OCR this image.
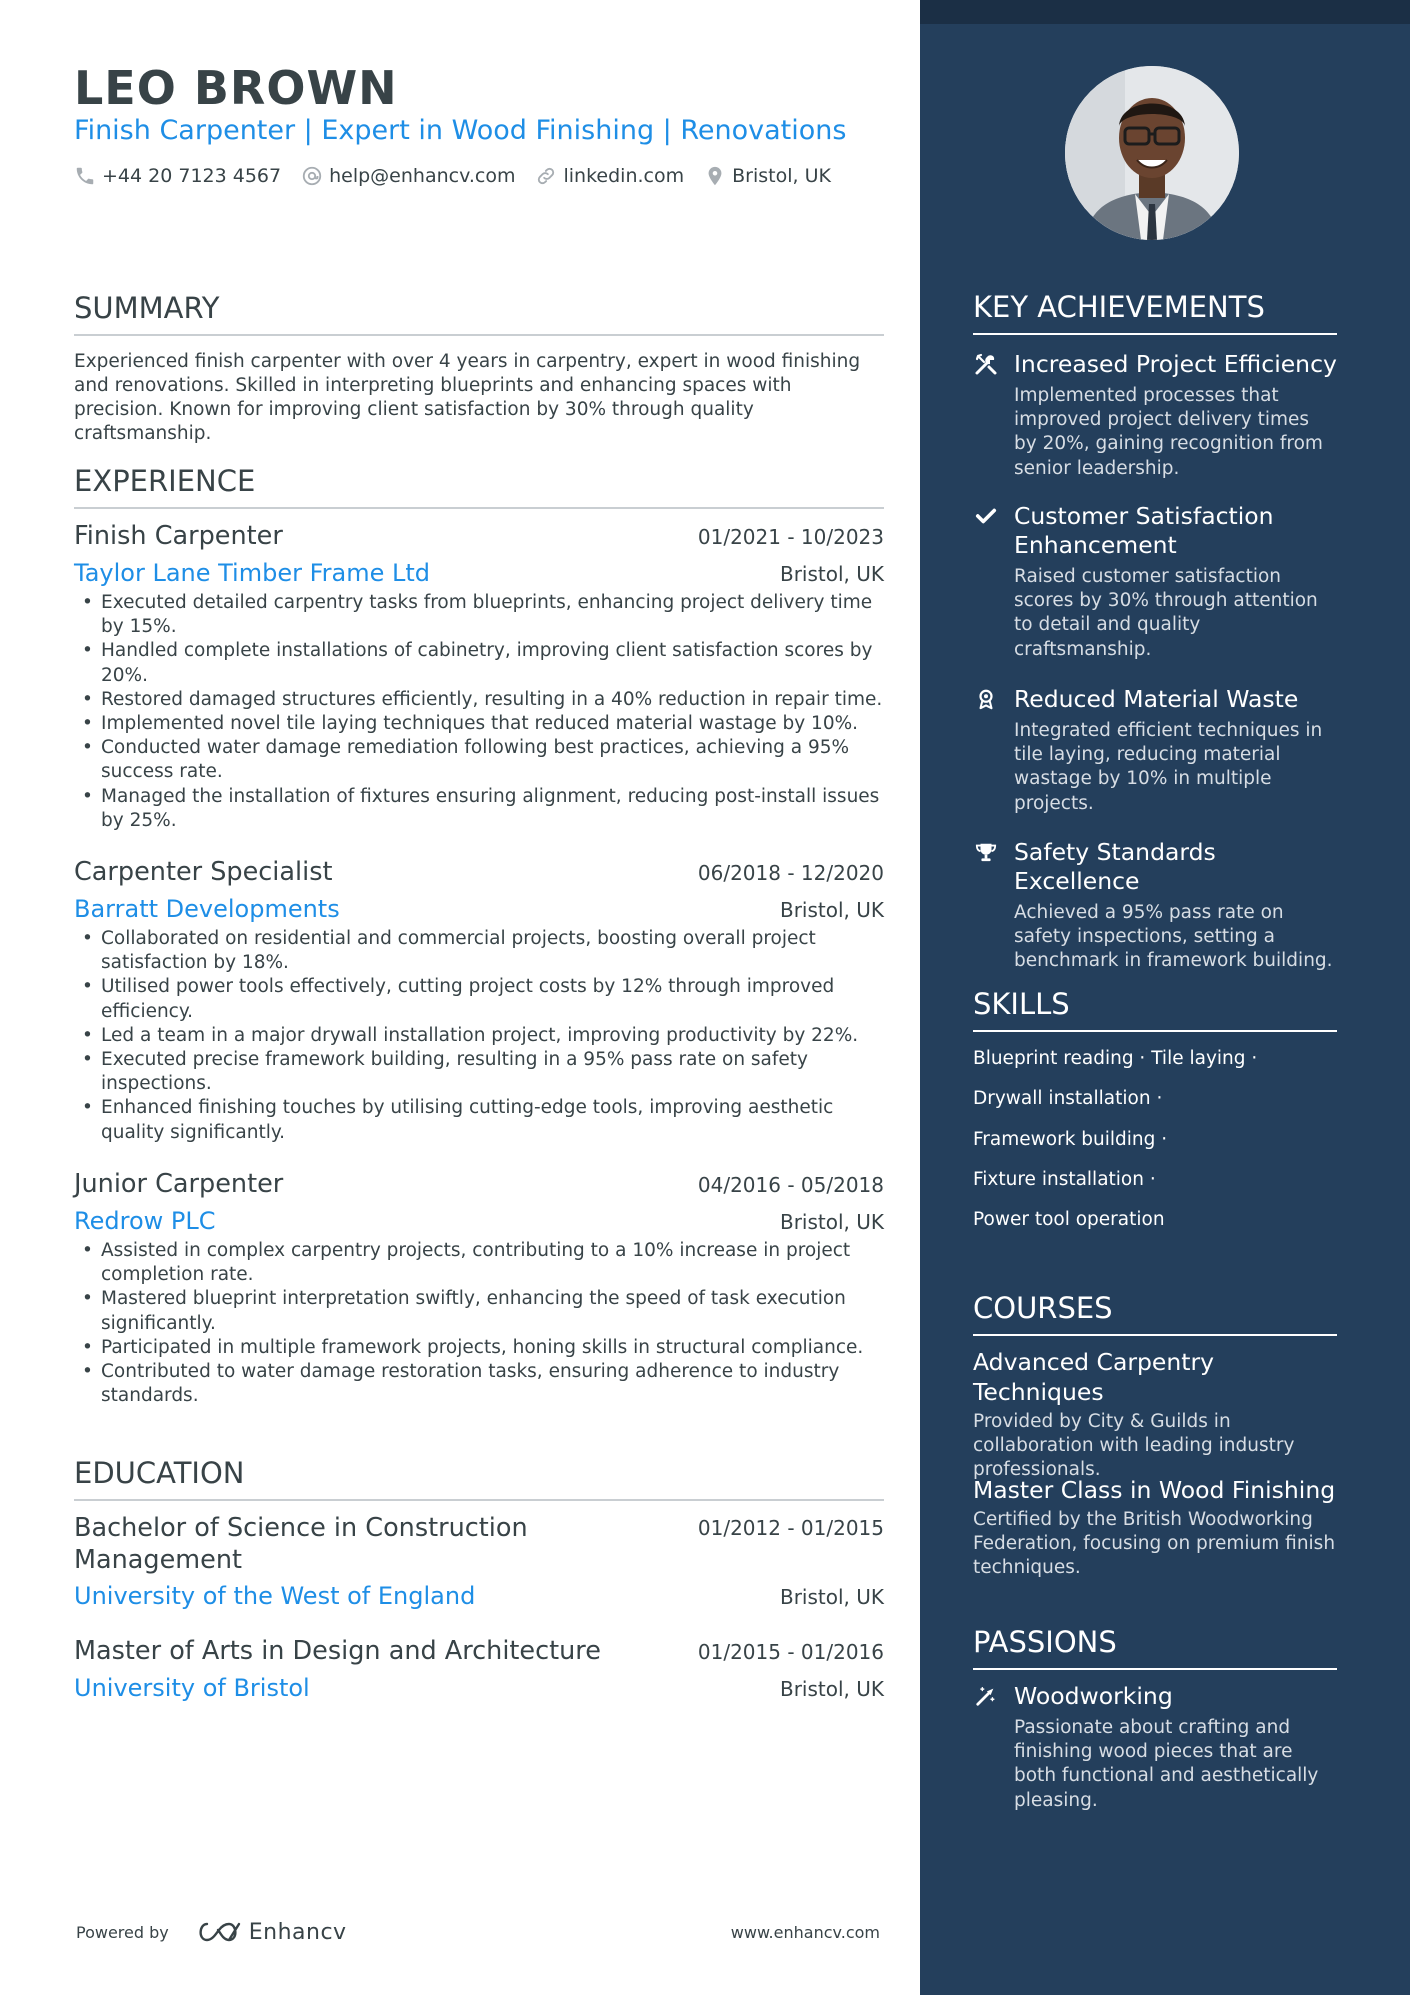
LEO BROWN
Finish Carpenter | Expert in Wood Finishing | Renovations
+44 20 7123 4567	help@enhancv.com	linkedin.com	Bristol, UK
SUMMARY
Experienced finish carpenter with over 4 years in carpentry, expert in wood finishing and renovations. Skilled in interpreting blueprints and enhancing spaces with precision. Known for improving client satisfaction by 30% through quality craftsmanship.
EXPERIENCE
Finish Carpenter	01/2021 - 10/2023
Taylor Lane Timber Frame Ltd	Bristol, UK
• Executed detailed carpentry tasks from blueprints, enhancing project delivery time by 15%.
• Handled complete installations of cabinetry, improving client satisfaction scores by 20%.
• Restored damaged structures efficiently, resulting in a 40% reduction in repair time.
• Implemented novel tile laying techniques that reduced material wastage by 10%.
• Conducted water damage remediation following best practices, achieving a 95% success rate.
• Managed the installation of fixtures ensuring alignment, reducing post-install issues by 25%.
Carpenter Specialist	06/2018 - 12/2020
Barratt Developments	Bristol, UK
• Collaborated on residential and commercial projects, boosting overall project satisfaction by 18%.
• Utilised power tools effectively, cutting project costs by 12% through improved efficiency.
• Led a team in a major drywall installation project, improving productivity by 22%.
• Executed precise framework building, resulting in a 95% pass rate on safety inspections.
• Enhanced finishing touches by utilising cutting-edge tools, improving aesthetic quality significantly.
Junior Carpenter	04/2016 - 05/2018
Redrow PLC	Bristol, UK
• Assisted in complex carpentry projects, contributing to a 10% increase in project completion rate.
• Mastered blueprint interpretation swiftly, enhancing the speed of task execution significantly.
• Participated in multiple framework projects, honing skills in structural compliance.
• Contributed to water damage restoration tasks, ensuring adherence to industry standards.
EDUCATION
Bachelor of Science in Construction Management
01/2012 - 01/2015
University of the West of England	Bristol, UK
Master of Arts in Design and Architecture	01/2015 - 01/2016
University of Bristol	Bristol, UK
Powered by	Enhancv	www.enhancv.com
KEY ACHIEVEMENTS
Increased Project Efficiency
Implemented processes that improved project delivery times by 20%, gaining recognition from senior leadership.
Customer Satisfaction Enhancement
Raised customer satisfaction scores by 30% through attention to detail and quality craftsmanship.
Reduced Material Waste
Integrated efficient techniques in tile laying, reducing material wastage by 10% in multiple projects.
Safety Standards Excellence
Achieved a 95% pass rate on safety inspections, setting a benchmark in framework building.
SKILLS
Blueprint reading · Tile laying ·
Drywall installation ·
Framework building ·
Fixture installation ·
Power tool operation
COURSES
Advanced Carpentry Techniques
Provided by City & Guilds in collaboration with leading industry professionals.
Master Class in Wood Finishing
Certified by the British Woodworking Federation, focusing on premium finish techniques.
PASSIONS
Woodworking
Passionate about crafting and finishing wood pieces that are both functional and aesthetically pleasing.
